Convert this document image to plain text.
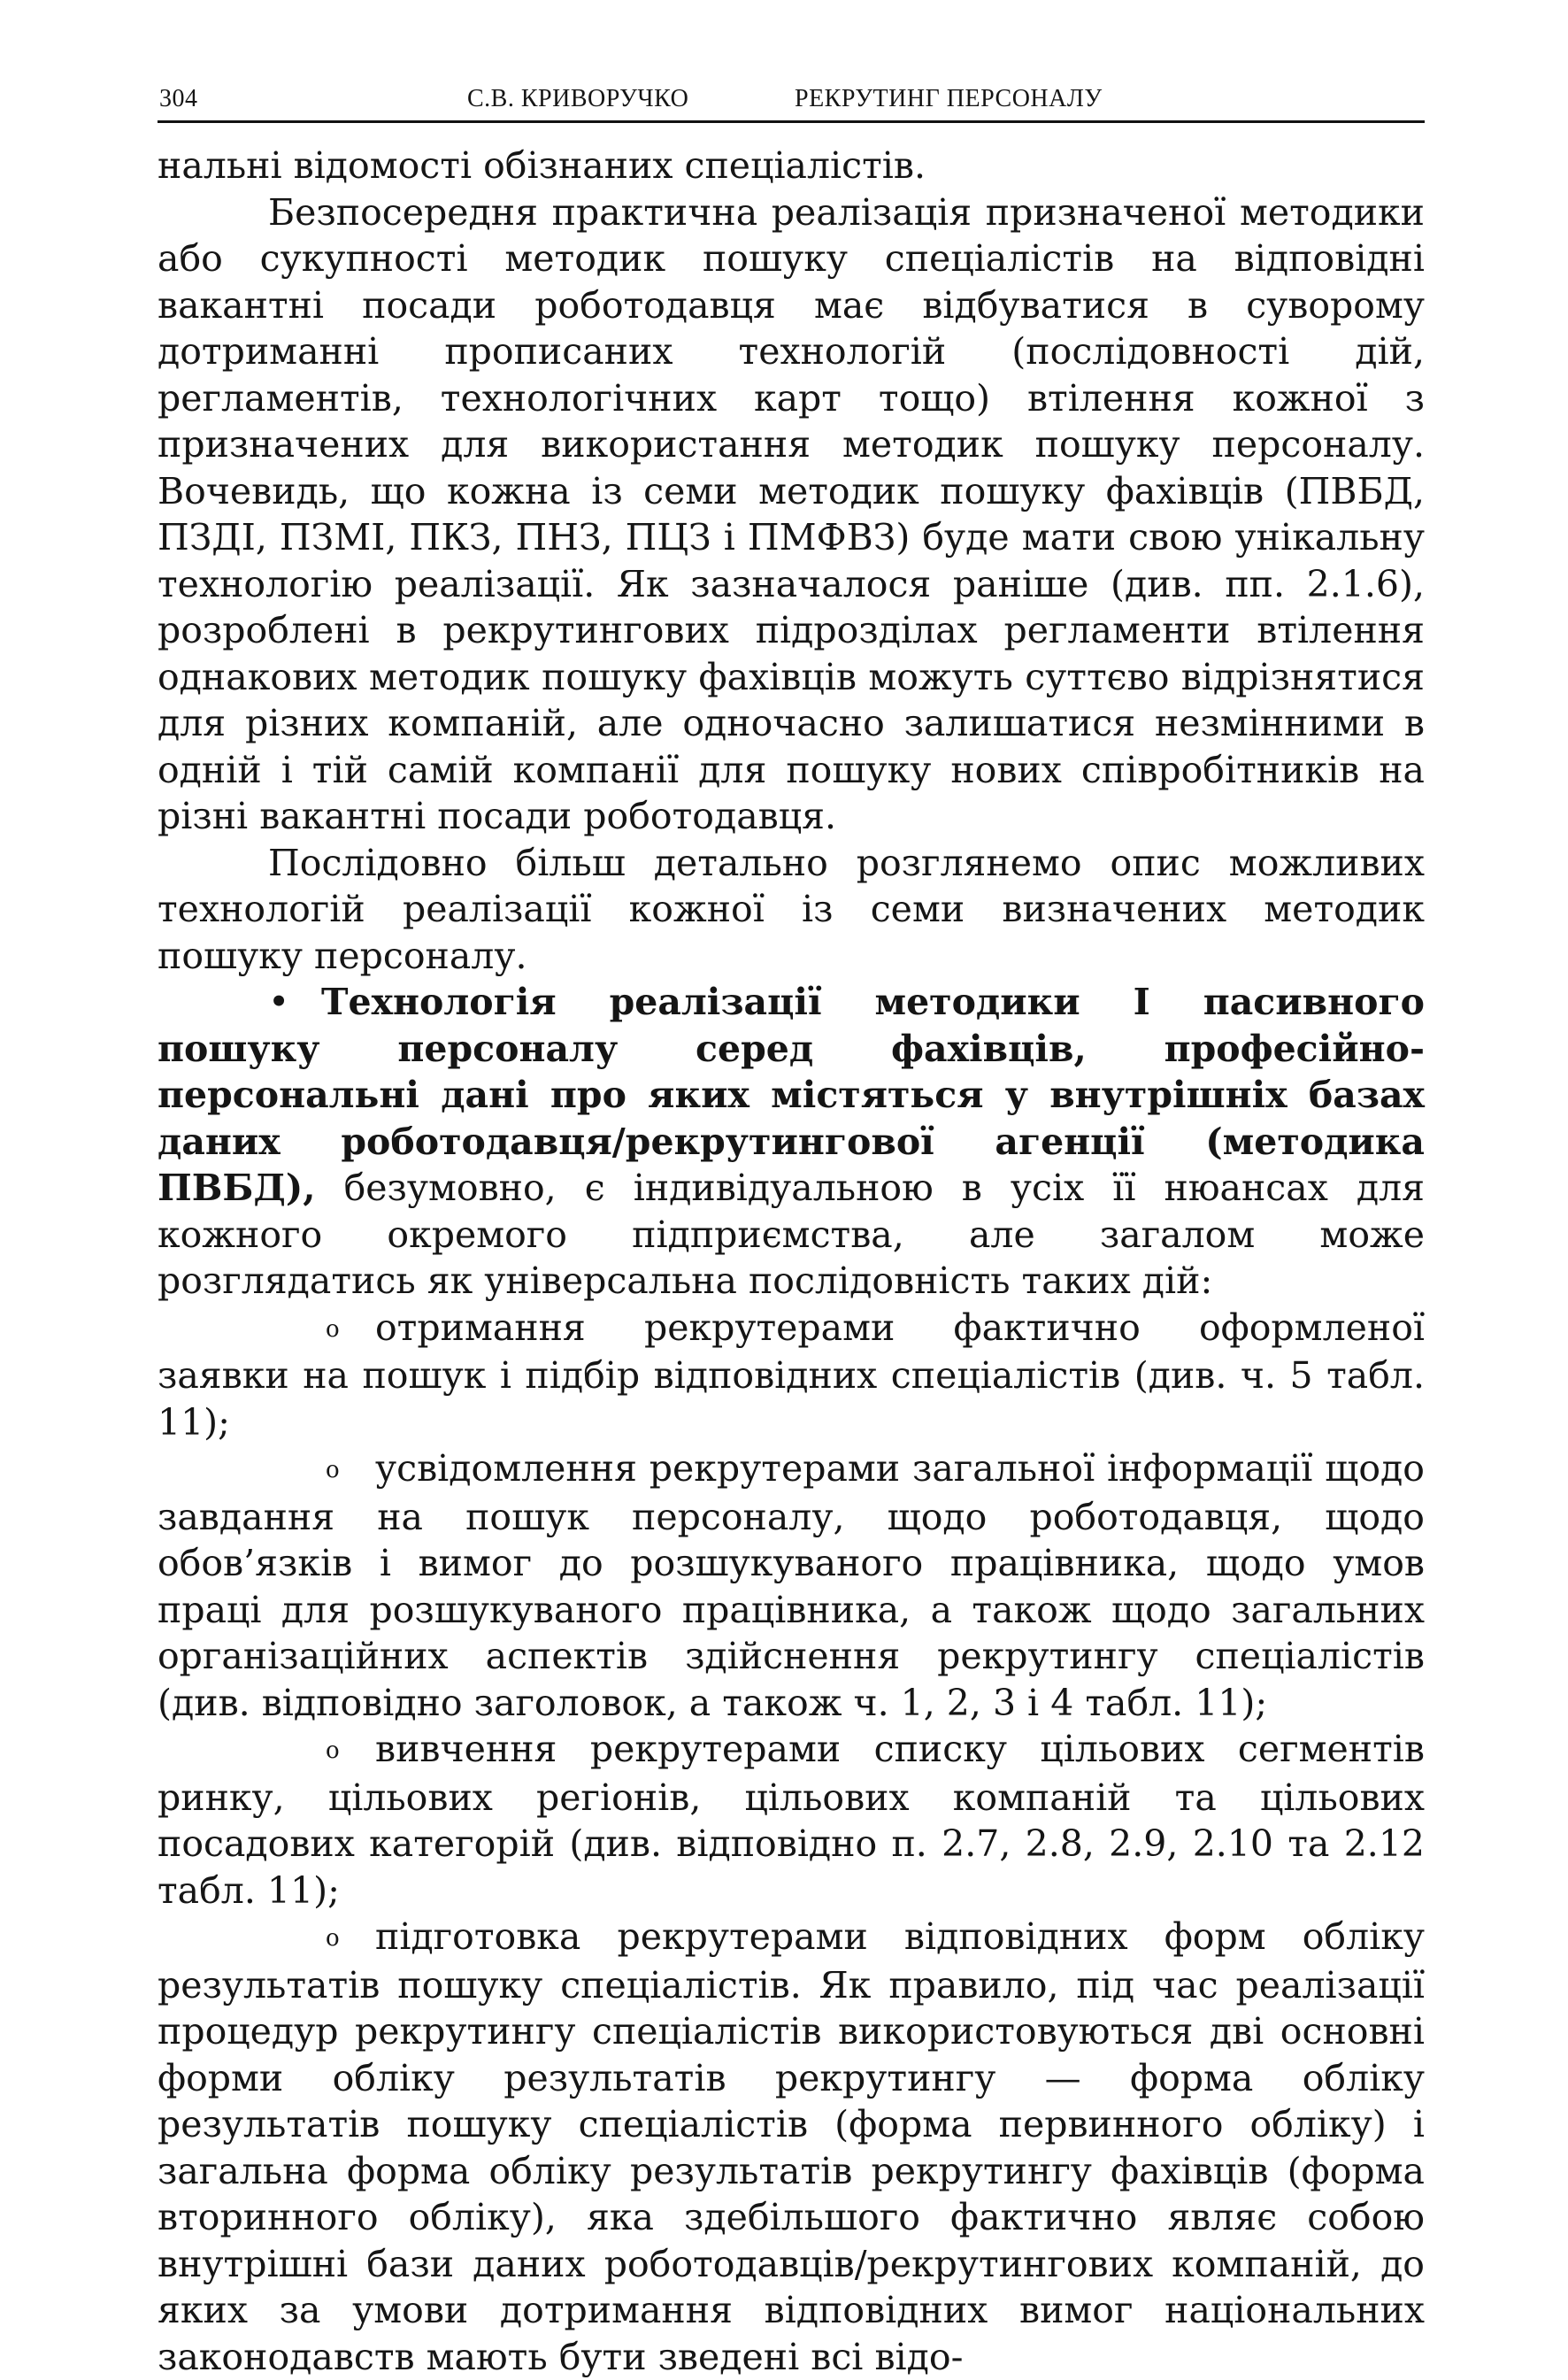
304	С.В. КРИВОРУЧКО	РЕКРУТИНГ ПЕРСОНАЛУ

нальні відомості обізнаних спеціалістів.

Безпосередня практична реалізація призначеної методики або сукупності методик пошуку спеціалістів на відповідні вакантні посади роботодавця має відбуватися в суворому дотриманні прописаних технологій (послідовності дій, регламентів, технологічних карт тощо) втілення кожної з призначених для використання методик пошуку персоналу. Вочевидь, що кожна із семи методик пошуку фахівців (ПВБД, ПЗДІ, ПЗМІ, ПКЗ, ПНЗ, ПЦЗ і ПМФВЗ) буде мати свою унікальну технологію реалізації. Як зазначалося раніше (див. пп. 2.1.6), розроблені в рекрутингових підрозділах регламенти втілення однакових методик пошуку фахівців можуть суттєво відрізнятися для різних компаній, але одночасно залишатися незмінними в одній і тій самій компанії для пошуку нових співробітників на різні вакантні посади роботодавця.

Послідовно більш детально розглянемо опис можливих технологій реалізації кожної із семи визначених методик пошуку персоналу.

• Технологія реалізації методики I пасивного пошуку персоналу серед фахівців, професійно-персональні дані про яких містяться у внутрішніх базах даних роботодавця/рекрутингової агенції (методика ПВБД), безумовно, є індивідуальною в усіх її нюансах для кожного окремого підприємства, але загалом може розглядатись як універсальна послідовність таких дій:

o отримання рекрутерами фактично оформленої заявки на пошук і підбір відповідних спеціалістів (див. ч. 5 табл. 11);

o усвідомлення рекрутерами загальної інформації щодо завдання на пошук персоналу, щодо роботодавця, щодо обов’язків і вимог до розшукуваного працівника, щодо умов праці для розшукуваного працівника, а також щодо загальних організаційних аспектів здійснення рекрутингу спеціалістів (див. відповідно заголовок, а також ч. 1, 2, 3 і 4 табл. 11);

o вивчення рекрутерами списку цільових сегментів ринку, цільових регіонів, цільових компаній та цільових посадових категорій (див. відповідно п. 2.7, 2.8, 2.9, 2.10 та 2.12 табл. 11);

o підготовка рекрутерами відповідних форм обліку результатів пошуку спеціалістів. Як правило, під час реалізації процедур рекрутингу спеціалістів використовуються дві основні форми обліку результатів рекрутингу — форма обліку результатів пошуку спеціалістів (форма первинного обліку) і загальна форма обліку результатів рекрутингу фахівців (форма вторинного обліку), яка здебільшого фактично являє собою внутрішні бази даних роботодавців/рекрутингових компаній, до яких за умови дотримання відповідних вимог національних законодавств мають бути зведені всі відо-
